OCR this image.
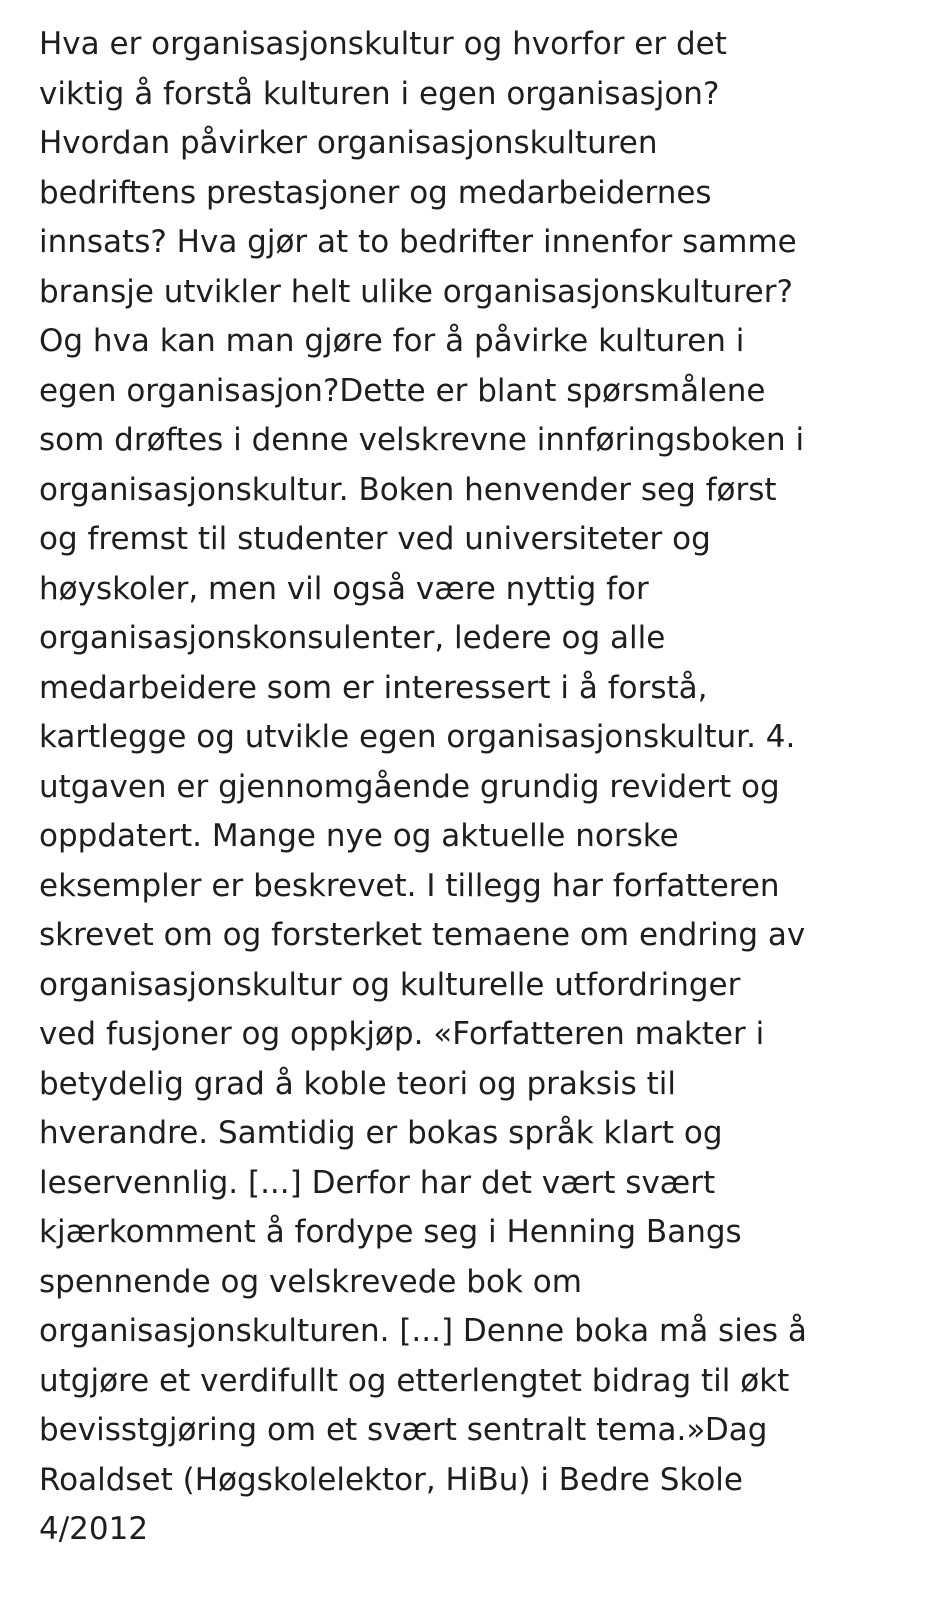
Hva er organisasjonskultur og hvorfor er det
viktig å forstå kulturen i egen organisasjon?
Hvordan påvirker organisasjonskulturen
bedriftens prestasjoner og medarbeidernes
innsats? Hva gjør at to bedrifter innenfor samme
bransje utvikler helt ulike organisasjonskulturer?
Og hva kan man gjøre for å påvirke kulturen i
egen organisasjon?Dette er blant spørsmålene
som drøftes i denne velskrevne innføringsboken i
organisasjonskultur. Boken henvender seg først
og fremst til studenter ved universiteter og
høyskoler, men vil også være nyttig for
organisasjonskonsulenter, ledere og alle
medarbeidere som er interessert i å forstå,
kartlegge og utvikle egen organisasjonskultur. 4.
utgaven er gjennomgående grundig revidert og
oppdatert. Mange nye og aktuelle norske
eksempler er beskrevet. I tillegg har forfatteren
skrevet om og forsterket temaene om endring av
organisasjonskultur og kulturelle utfordringer
ved fusjoner og oppkjøp. «Forfatteren makter i
betydelig grad å koble teori og praksis til
hverandre. Samtidig er bokas språk klart og
leservennlig. [...] Derfor har det vært svært
kjærkomment å fordype seg i Henning Bangs
spennende og velskrevede bok om
organisasjonskulturen. [...] Denne boka må sies å
utgjøre et verdifullt og etterlengtet bidrag til økt
bevisstgjøring om et svært sentralt tema.»Dag
Roaldset (Høgskolelektor, HiBu) i Bedre Skole
4/2012
